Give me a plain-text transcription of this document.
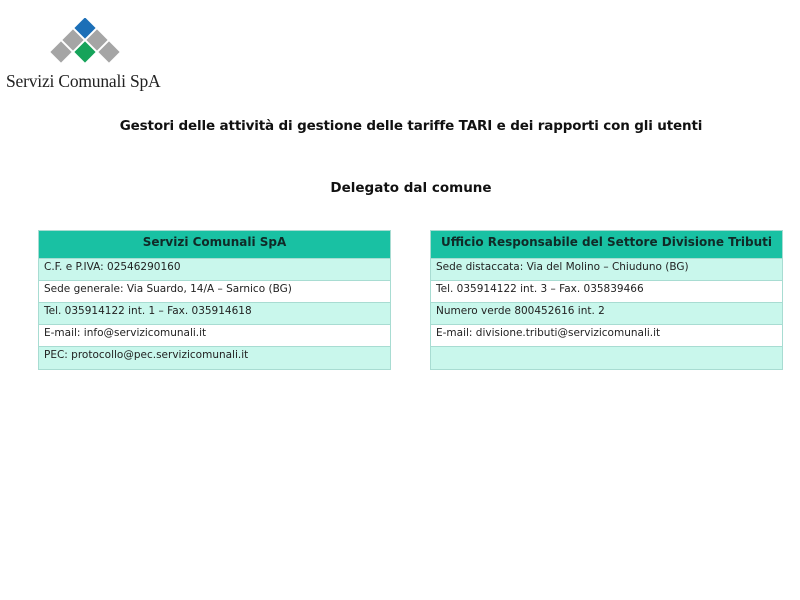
Servizi Comunali SpA
Gestori delle attività di gestione delle tariffe TARI e dei rapporti con gli utenti
Delegato dal comune
Servizi Comunali SpA
C.F. e P.IVA: 02546290160
Sede generale: Via Suardo, 14/A – Sarnico (BG)
Tel. 035914122 int. 1 – Fax. 035914618
E-mail: info@servizicomunali.it
PEC: protocollo@pec.servizicomunali.it
Ufficio Responsabile del Settore Divisione Tributi
Sede distaccata: Via del Molino – Chiuduno (BG)
Tel. 035914122 int. 3 – Fax. 035839466
Numero verde 800452616 int. 2
E-mail: divisione.tributi@servizicomunali.it
